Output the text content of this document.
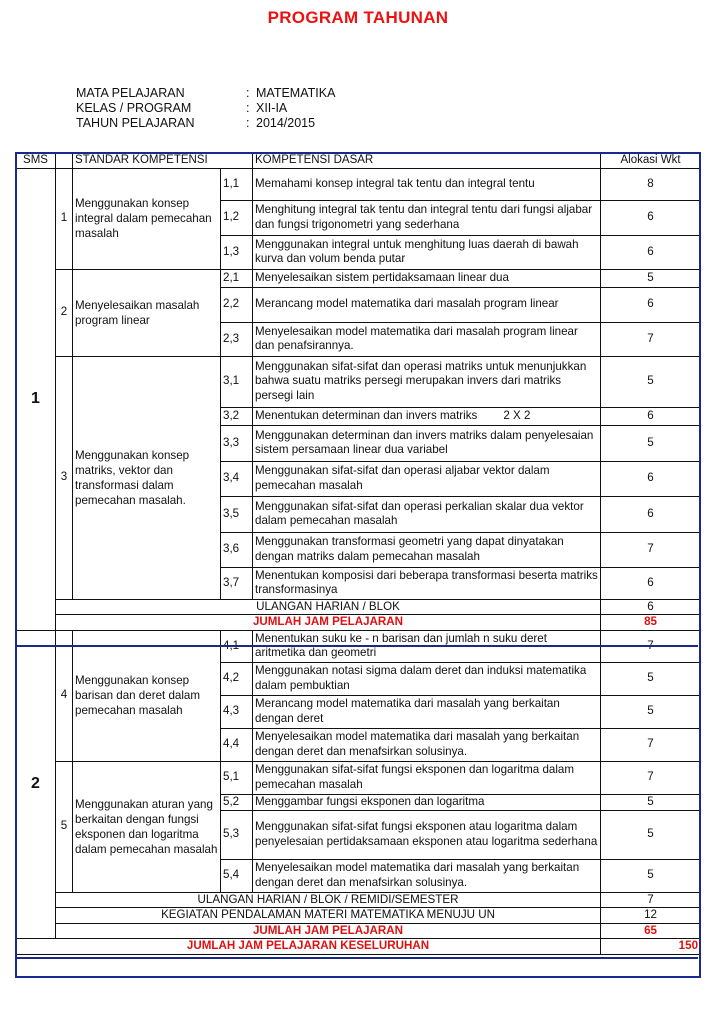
PROGRAM TAHUNAN
MATA PELAJARAN	: MATEMATIKA
KELAS / PROGRAM	: XII-IA
TAHUN PELAJARAN	: 2014/2015
SMS		STANDAR KOMPETENSI		KOMPETENSI DASAR	Alokasi Wkt
1	1	Menggunakan konsep integral dalam pemecahan masalah	1,1	Memahami konsep integral tak tentu dan integral tentu	8
			1,2	Menghitung integral tak tentu dan integral tentu dari fungsi aljabar dan fungsi trigonometri yang sederhana	6
			1,3	Menggunakan integral untuk menghitung luas daerah di bawah kurva dan volum benda putar	6
	2	Menyelesaikan masalah program linear	2,1	Menyelesaikan sistem pertidaksamaan linear dua	5
			2,2	Merancang model matematika dari masalah program linear	6
			2,3	Menyelesaikan model matematika dari masalah program linear dan penafsirannya.	7
	3	Menggunakan konsep matriks, vektor dan transformasi dalam pemecahan masalah.	3,1	Menggunakan sifat-sifat dan operasi matriks untuk menunjukkan bahwa suatu matriks persegi merupakan invers dari matriks persegi lain	5
			3,2	Menentukan determinan dan invers matriks 2 X 2	6
			3,3	Menggunakan determinan dan invers matriks dalam penyelesaian sistem persamaan linear dua variabel	5
			3,4	Menggunakan sifat-sifat dan operasi aljabar vektor dalam pemecahan masalah	6
			3,5	Menggunakan sifat-sifat dan operasi perkalian skalar dua vektor dalam pemecahan masalah	6
			3,6	Menggunakan transformasi geometri yang dapat dinyatakan dengan matriks dalam pemecahan masalah	7
			3,7	Menentukan komposisi dari beberapa transformasi beserta matriks transformasinya	6
	ULANGAN HARIAN / BLOK				6
	JUMLAH JAM PELAJARAN				85
2	4	Menggunakan konsep barisan dan deret dalam pemecahan masalah	4,1	Menentukan suku ke - n barisan dan jumlah n suku deret aritmetika dan geometri	7
			4,2	Menggunakan notasi sigma dalam deret dan induksi matematika dalam pembuktian	5
			4,3	Merancang model matematika dari masalah yang berkaitan dengan deret	5
			4,4	Menyelesaikan model matematika dari masalah yang berkaitan dengan deret dan menafsirkan solusinya.	7
	5	Menggunakan aturan yang berkaitan dengan fungsi eksponen dan logaritma dalam pemecahan masalah	5,1	Menggunakan sifat-sifat fungsi eksponen dan logaritma dalam pemecahan masalah	7
			5,2	Menggambar fungsi eksponen dan logaritma	5
			5,3	Menggunakan sifat-sifat fungsi eksponen atau logaritma dalam penyelesaian pertidaksamaan eksponen atau logaritma sederhana	5
			5,4	Menyelesaikan model matematika dari masalah yang berkaitan dengan deret dan menafsirkan solusinya.	5
	ULANGAN HARIAN / BLOK / REMIDI/SEMESTER				7
	KEGIATAN PENDALAMAN MATERI MATEMATIKA MENUJU UN				12
	JUMLAH JAM PELAJARAN				65
JUMLAH JAM PELAJARAN KESELURUHAN					150
